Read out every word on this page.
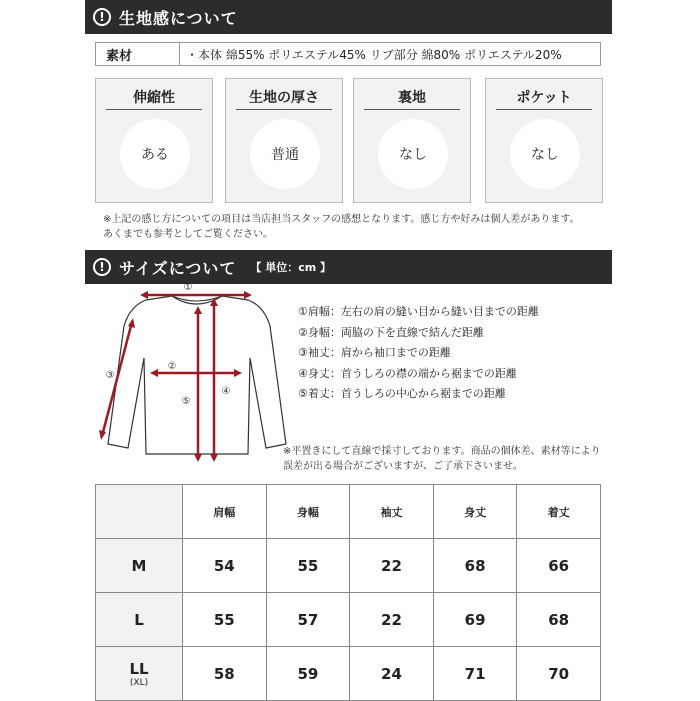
! 生地感について
素材	・本体 綿55% ポリエステル45% リブ部分 綿80% ポリエステル20%
伸縮性
ある
生地の厚さ
普通
裏地
なし
ポケット
なし
※上記の感じ方についての項目は当店担当スタッフの感想となります。感じ方や好みは個人差があります。
あくまでも参考としてご覧ください。
! サイズについて 【 単位：cm 】
①
②
③
④
⑤
①肩幅：左右の肩の縫い目から縫い目までの距離
②身幅：両脇の下を直線で結んだ距離
③袖丈：肩から袖口までの距離
④身丈：首うしろの襟の端から裾までの距離
⑤着丈：首うしろの中心から裾までの距離
※平置きにして直線で採寸しております。商品の個体差、素材等により
誤差が出る場合がございますが、ご了承下さいませ。
	肩幅	身幅	袖丈	身丈	着丈
M	54	55	22	68	66
L	55	57	22	69	68
LL
(XL)	58	59	24	71	70
